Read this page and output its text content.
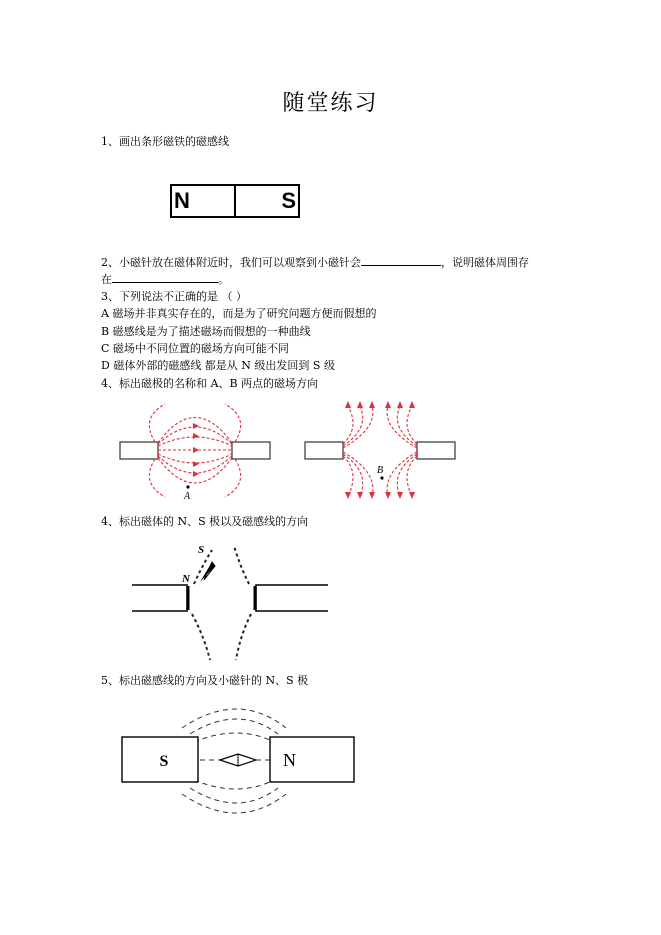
随堂练习
1、画出条形磁铁的磁感线
N	S
2、小磁针放在磁体附近时，我们可以观察到小磁针会	，说明磁体周围存
在	。
3、下列说法不正确的是 （ ）
A 磁场并非真实存在的，而是为了研究问题方便而假想的
B 磁感线是为了描述磁场而假想的一种曲线
C 磁场中不同位置的磁场方向可能不同
D 磁体外部的磁感线 都是从 N 级出发回到 S 级
4、标出磁极的名称和 A、B 两点的磁场方向
A
B
4、标出磁体的 N、S 极以及磁感线的方向
S
N
5、标出磁感线的方向及小磁针的 N、S 极
S	N
